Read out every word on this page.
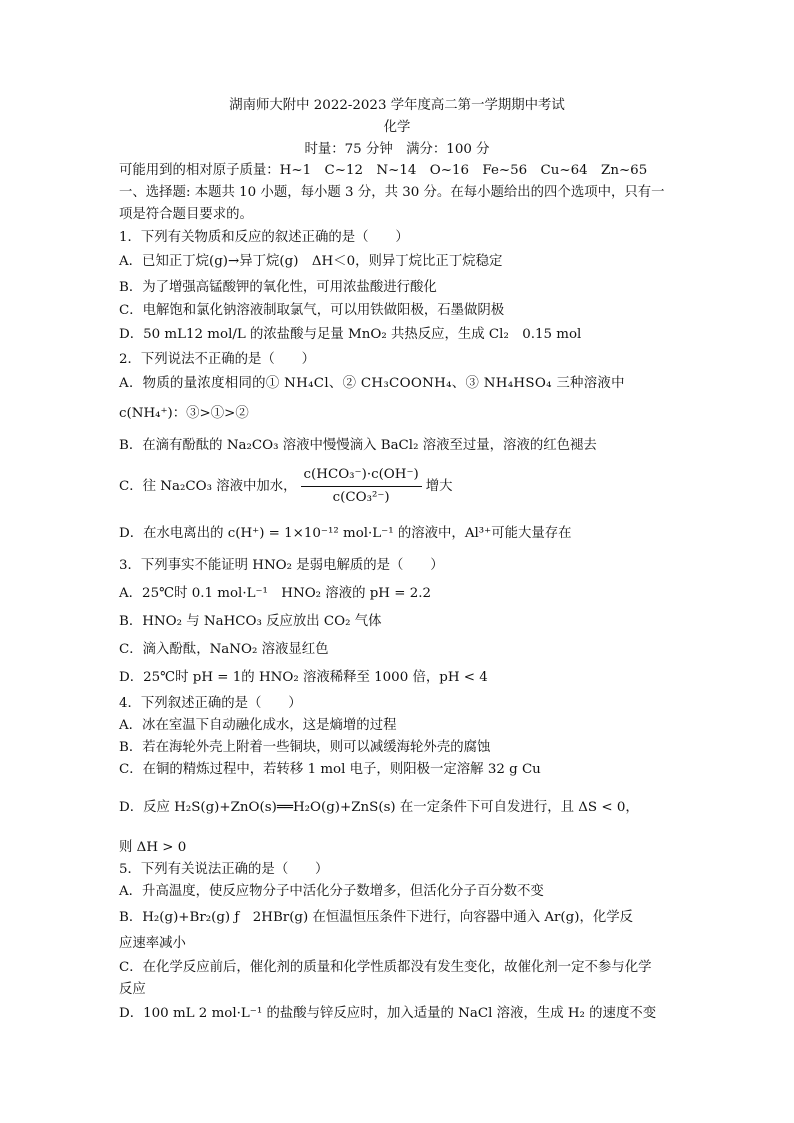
湖南师大附中 2022-2023 学年度高二第一学期期中考试
化学
时量：75 分钟　满分：100 分
可能用到的相对原子质量：H~1　C~12　N~14　O~16　Fe~56　Cu~64　Zn~65
一、选择题: 本题共 10 小题，每小题 3 分，共 30 分。在每小题给出的四个选项中，只有一
项是符合题目要求的。
1．下列有关物质和反应的叙述正确的是（　　）
A．已知正丁烷(g)→异丁烷(g)　ΔH＜0，则异丁烷比正丁烷稳定
B．为了增强高锰酸钾的氧化性，可用浓盐酸进行酸化
C．电解饱和氯化钠溶液制取氯气，可以用铁做阳极，石墨做阴极
D．50 mL12 mol/L 的浓盐酸与足量 MnO₂ 共热反应，生成 Cl₂　0.15 mol
2．下列说法不正确的是（　　）
A．物质的量浓度相同的① NH₄Cl、② CH₃COONH₄、③ NH₄HSO₄ 三种溶液中
c(NH₄⁺)：③>①>②
B．在滴有酚酞的 Na₂CO₃ 溶液中慢慢滴入 BaCl₂ 溶液至过量，溶液的红色褪去
C．往 Na₂CO₃ 溶液中加水， $\frac{\text{c(HCO₃⁻)·c(OH⁻)}}{\text{c(CO₃²⁻)}}$ 增大
D．在水电离出的 c(H⁺) = 1×10⁻¹² mol·L⁻¹ 的溶液中，Al³⁺可能大量存在
3．下列事实不能证明 HNO₂ 是弱电解质的是（　　）
A．25℃时 0.1 mol·L⁻¹　HNO₂ 溶液的 pH = 2.2
B．HNO₂ 与 NaHCO₃ 反应放出 CO₂ 气体
C．滴入酚酞，NaNO₂ 溶液显红色
D．25℃时 pH = 1的 HNO₂ 溶液稀释至 1000 倍，pH < 4
4．下列叙述正确的是（　　）
A．冰在室温下自动融化成水，这是熵增的过程
B．若在海轮外壳上附着一些铜块，则可以减缓海轮外壳的腐蚀
C．在铜的精炼过程中，若转移 1 mol 电子，则阳极一定溶解 32 g Cu
D．反应 H₂S(g)+ZnO(s)══H₂O(g)+ZnS(s) 在一定条件下可自发进行，且 ΔS < 0，
则 ΔH > 0
5．下列有关说法正确的是（　　）
A．升高温度，使反应物分子中活化分子数增多，但活化分子百分数不变
B．H₂(g)+Br₂(g) ƒ　2HBr(g) 在恒温恒压条件下进行，向容器中通入 Ar(g)，化学反
应速率减小
C．在化学反应前后，催化剂的质量和化学性质都没有发生变化，故催化剂一定不参与化学
反应
D．100 mL 2 mol·L⁻¹ 的盐酸与锌反应时，加入适量的 NaCl 溶液，生成 H₂ 的速度不变
